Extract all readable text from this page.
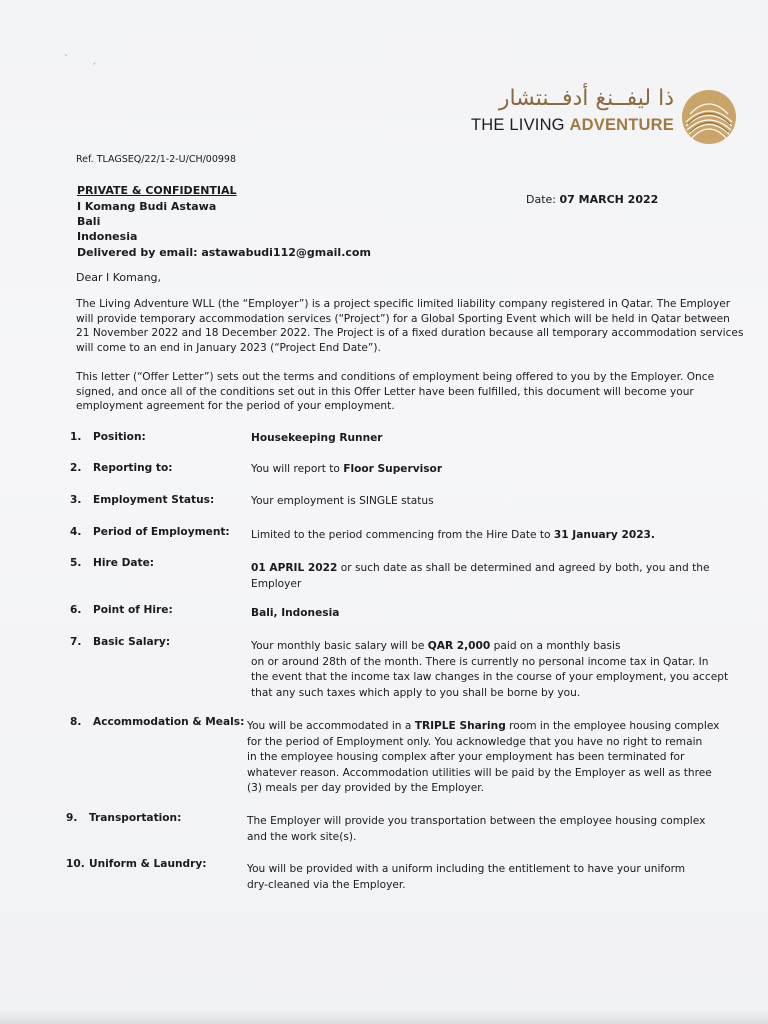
ˋ       ˏ
ذا ليفــنغ أدفــنتشار
THE LIVING ADVENTURE
Ref. TLAGSEQ/22/1-2-U/CH/00998
PRIVATE & CONFIDENTIAL
I Komang Budi Astawa
Bali
Indonesia
Delivered by email: astawabudi112@gmail.com
Date: 07 MARCH 2022
Dear I Komang,
The Living Adventure WLL (the “Employer”) is a project specific limited liability company registered in Qatar. The Employer
will provide temporary accommodation services (“Project”) for a Global Sporting Event which will be held in Qatar between
21 November 2022 and 18 December 2022. The Project is of a fixed duration because all temporary accommodation services
will come to an end in January 2023 (“Project End Date”).
This letter (“Offer Letter”) sets out the terms and conditions of employment being offered to you by the Employer. Once
signed, and once all of the conditions set out in this Offer Letter have been fulfilled, this document will become your
employment agreement for the period of your employment.
1. Position:	Housekeeping Runner
2. Reporting to:	You will report to Floor Supervisor
3. Employment Status:	Your employment is SINGLE status
4. Period of Employment: Limited to the period commencing from the Hire Date to 31 January 2023.
5. Hire Date:	01 APRIL 2022 or such date as shall be determined and agreed by both, you and the
Employer
6. Point of Hire:	Bali, Indonesia
7. Basic Salary:	Your monthly basic salary will be QAR 2,000 paid on a monthly basis
on or around 28th of the month. There is currently no personal income tax in Qatar. In
the event that the income tax law changes in the course of your employment, you accept
that any such taxes which apply to you shall be borne by you.
8. Accommodation & Meals: You will be accommodated in a TRIPLE Sharing room in the employee housing complex
for the period of Employment only. You acknowledge that you have no right to remain
in the employee housing complex after your employment has been terminated for
whatever reason. Accommodation utilities will be paid by the Employer as well as three
(3) meals per day provided by the Employer.
9. Transportation:	The Employer will provide you transportation between the employee housing complex
and the work site(s).
10. Uniform & Laundry:	You will be provided with a uniform including the entitlement to have your uniform
dry-cleaned via the Employer.
